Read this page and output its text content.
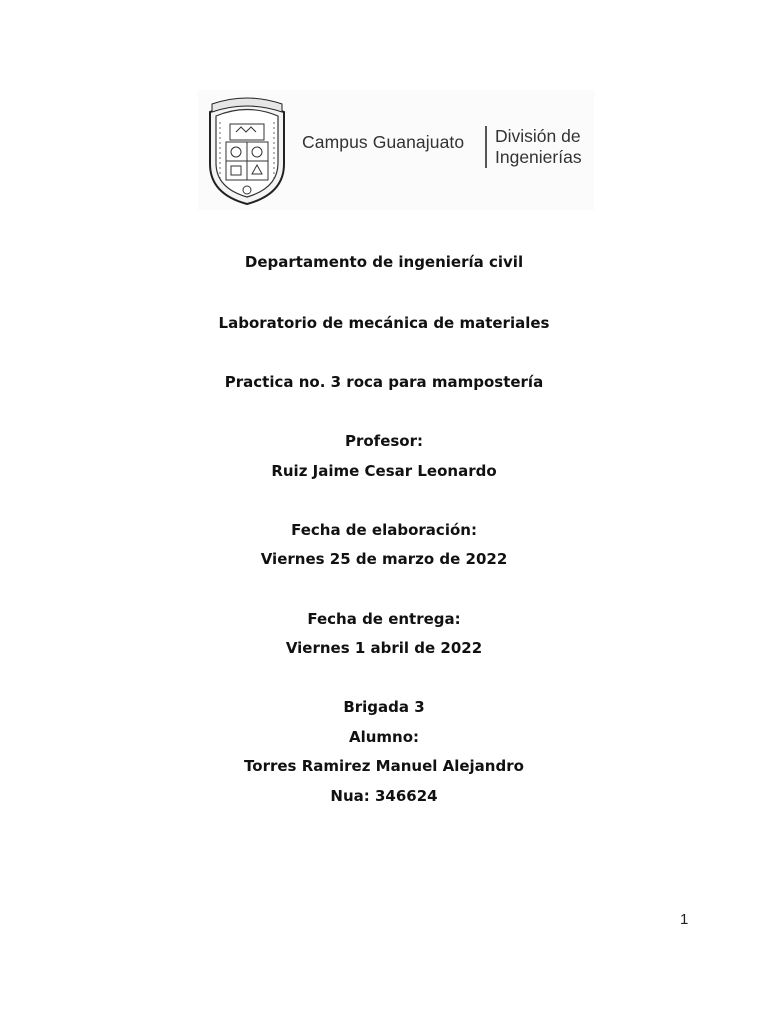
Campus Guanajuato División de
Ingenierías
Departamento de ingeniería civil
Laboratorio de mecánica de materiales
Practica no. 3 roca para mampostería
Profesor:
Ruiz Jaime Cesar Leonardo
Fecha de elaboración:
Viernes 25 de marzo de 2022
Fecha de entrega:
Viernes 1 abril de 2022
Brigada 3
Alumno:
Torres Ramirez Manuel Alejandro
Nua: 346624
1
